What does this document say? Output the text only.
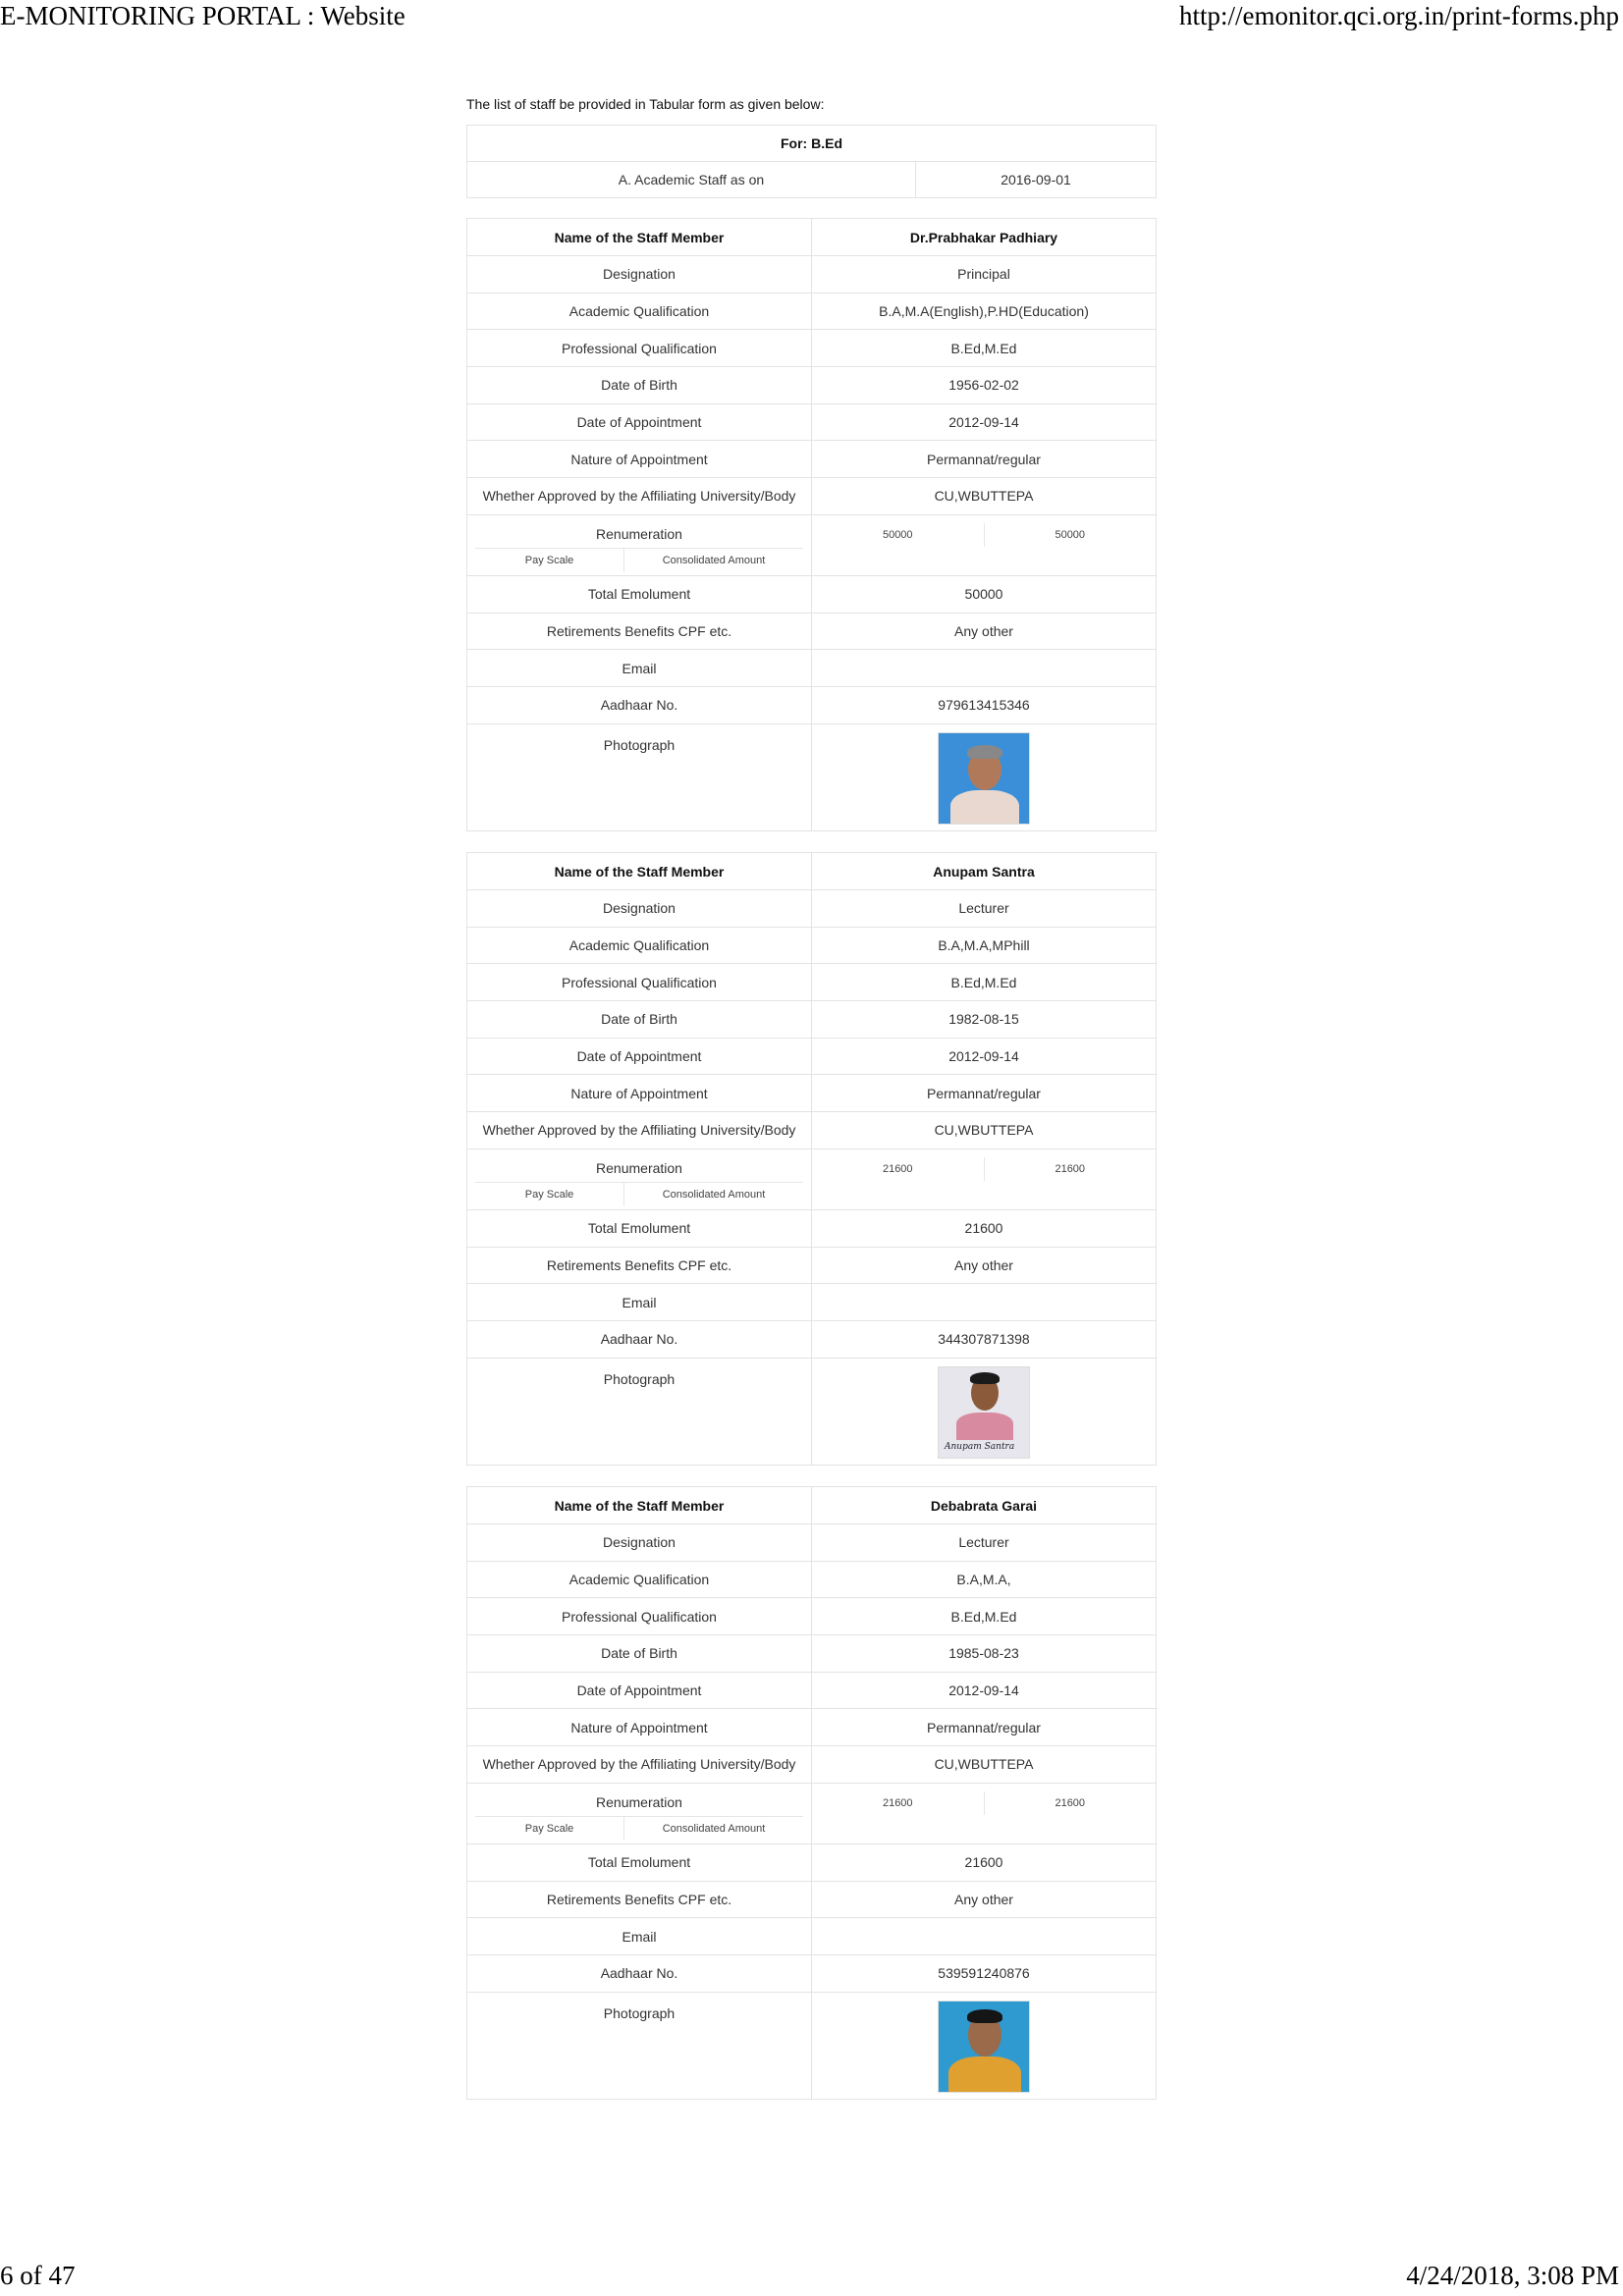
E-MONITORING PORTAL : Website	http://emonitor.qci.org.in/print-forms.php
The list of staff be provided in Tabular form as given below:
For: B.Ed
A. Academic Staff as on	2016-09-01
Name of the Staff Member	Dr.Prabhakar Padhiary
Designation	Principal
Academic Qualification	B.A,M.A(English),P.HD(Education)
Professional Qualification	B.Ed,M.Ed
Date of Birth	1956-02-02
Date of Appointment	2012-09-14
Nature of Appointment	Permannat/regular
Whether Approved by the Affiliating University/Body	CU,WBUTTEPA

Renumeration
Pay Scale Consolidated Amount	50000 50000

Total Emolument	50000
Retirements Benefits CPF etc.	Any other
Email	
Aadhaar No.	979613415346
Photograph	
Name of the Staff Member	Anupam Santra
Designation	Lecturer
Academic Qualification	B.A,M.A,MPhill
Professional Qualification	B.Ed,M.Ed
Date of Birth	1982-08-15
Date of Appointment	2012-09-14
Nature of Appointment	Permannat/regular
Whether Approved by the Affiliating University/Body	CU,WBUTTEPA

Renumeration
Pay Scale Consolidated Amount	21600 21600

Total Emolument	21600
Retirements Benefits CPF etc.	Any other
Email	
Aadhaar No.	344307871398
Photograph	Anupam Santra
Name of the Staff Member	Debabrata Garai
Designation	Lecturer
Academic Qualification	B.A,M.A,
Professional Qualification	B.Ed,M.Ed
Date of Birth	1985-08-23
Date of Appointment	2012-09-14
Nature of Appointment	Permannat/regular
Whether Approved by the Affiliating University/Body	CU,WBUTTEPA

Renumeration
Pay Scale Consolidated Amount	21600 21600

Total Emolument	21600
Retirements Benefits CPF etc.	Any other
Email	
Aadhaar No.	539591240876
Photograph	
6 of 47	4/24/2018, 3:08 PM
